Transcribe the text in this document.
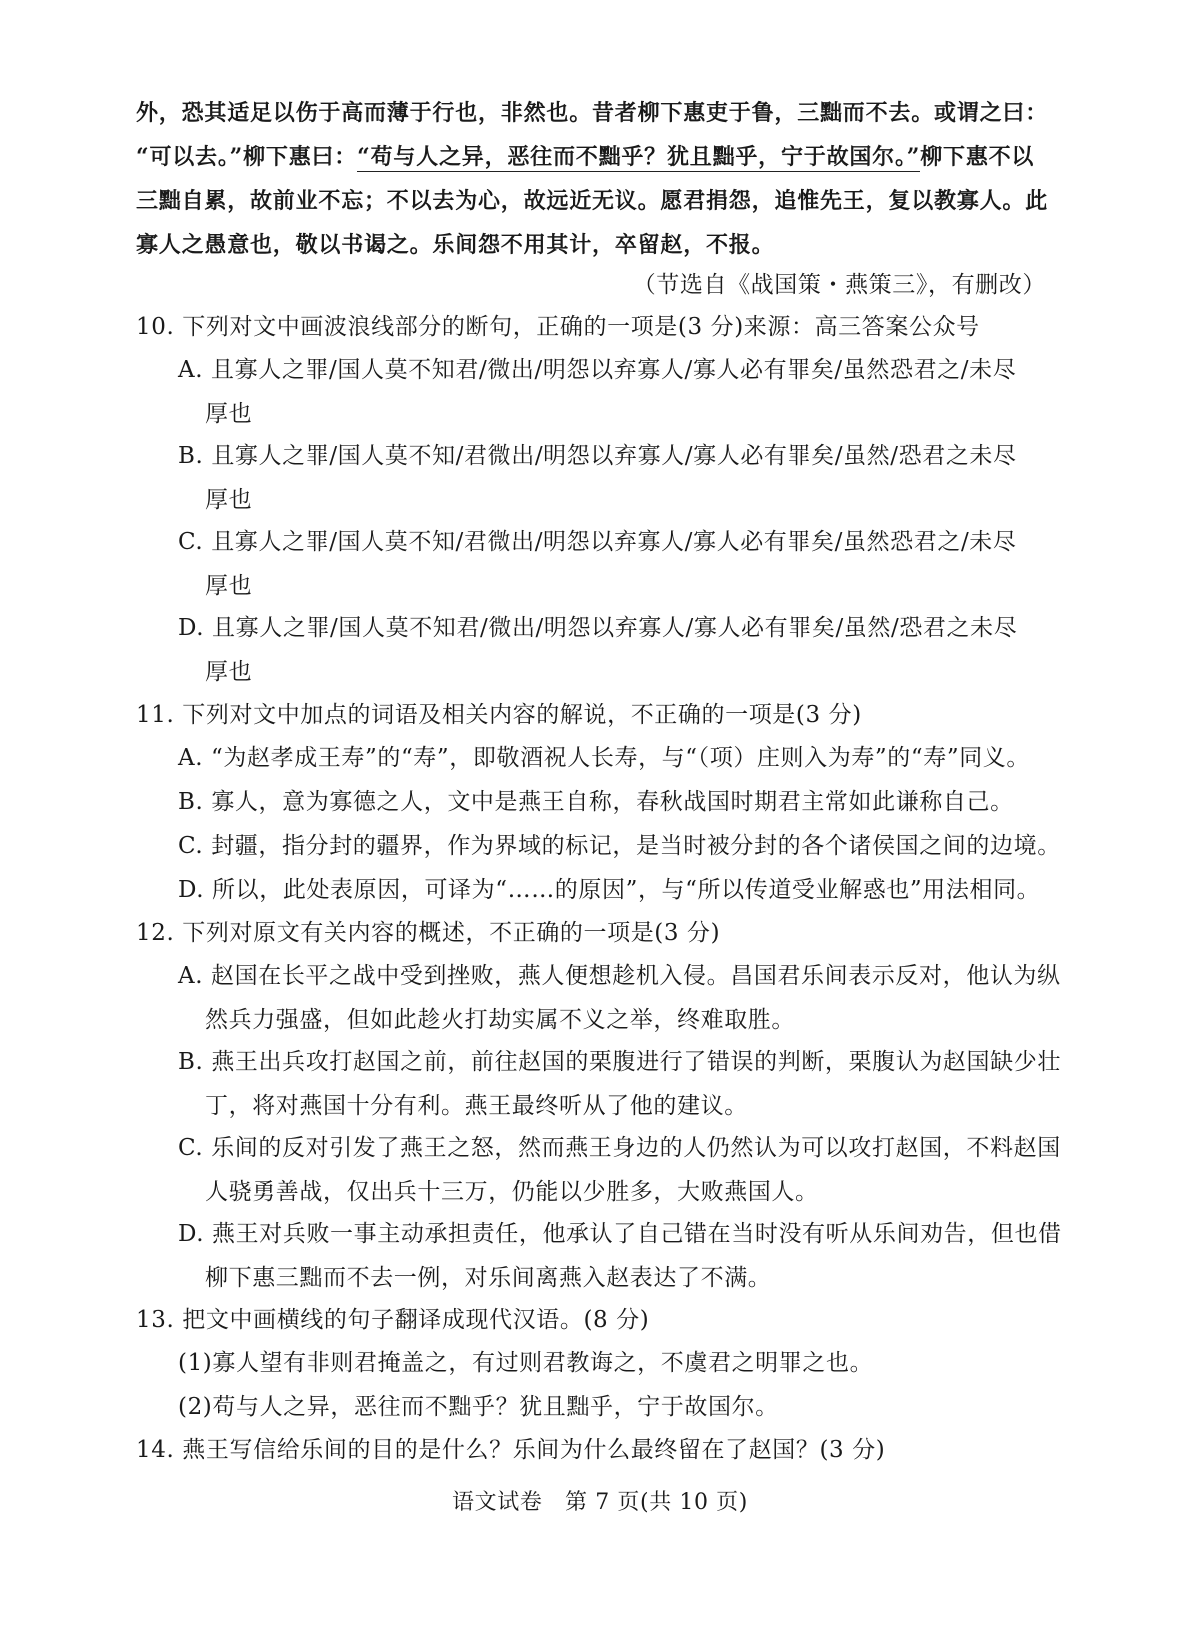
外，恐其适足以伤于高而薄于行也，非然也。昔者柳下惠吏于鲁，三黜而不去。或谓之曰：
“可以去。”柳下惠曰：“苟与人之异，恶往而不黜乎？犹且黜乎，宁于故国尔。”柳下惠不以
三黜自累，故前业不忘；不以去为心，故远近无议。愿君捐怨，追惟先王，复以教寡人。此
寡人之愚意也，敬以书谒之。乐间怨不用其计，卒留赵，不报。
（节选自《战国策・燕策三》，有删改）
10. 下列对文中画波浪线部分的断句，正确的一项是(3 分)来源：高三答案公众号
A. 且寡人之罪/国人莫不知君/微出/明怨以弃寡人/寡人必有罪矣/虽然恐君之/未尽
厚也
B. 且寡人之罪/国人莫不知/君微出/明怨以弃寡人/寡人必有罪矣/虽然/恐君之未尽
厚也
C. 且寡人之罪/国人莫不知/君微出/明怨以弃寡人/寡人必有罪矣/虽然恐君之/未尽
厚也
D. 且寡人之罪/国人莫不知君/微出/明怨以弃寡人/寡人必有罪矣/虽然/恐君之未尽
厚也
11. 下列对文中加点的词语及相关内容的解说，不正确的一项是(3 分)
A. “为赵孝成王寿”的“寿”，即敬酒祝人长寿，与“（项）庄则入为寿”的“寿”同义。
B. 寡人，意为寡德之人，文中是燕王自称，春秋战国时期君主常如此谦称自己。
C. 封疆，指分封的疆界，作为界域的标记，是当时被分封的各个诸侯国之间的边境。
D. 所以，此处表原因，可译为“……的原因”，与“所以传道受业解惑也”用法相同。
12. 下列对原文有关内容的概述，不正确的一项是(3 分)
A. 赵国在长平之战中受到挫败，燕人便想趁机入侵。昌国君乐间表示反对，他认为纵
然兵力强盛，但如此趁火打劫实属不义之举，终难取胜。
B. 燕王出兵攻打赵国之前，前往赵国的栗腹进行了错误的判断，栗腹认为赵国缺少壮
丁，将对燕国十分有利。燕王最终听从了他的建议。
C. 乐间的反对引发了燕王之怒，然而燕王身边的人仍然认为可以攻打赵国，不料赵国
人骁勇善战，仅出兵十三万，仍能以少胜多，大败燕国人。
D. 燕王对兵败一事主动承担责任，他承认了自己错在当时没有听从乐间劝告，但也借
柳下惠三黜而不去一例，对乐间离燕入赵表达了不满。
13. 把文中画横线的句子翻译成现代汉语。(8 分)
(1)寡人望有非则君掩盖之，有过则君教诲之，不虞君之明罪之也。
(2)苟与人之异，恶往而不黜乎？犹且黜乎，宁于故国尔。
14. 燕王写信给乐间的目的是什么？乐间为什么最终留在了赵国？(3 分)
语文试卷　第 7 页(共 10 页)
